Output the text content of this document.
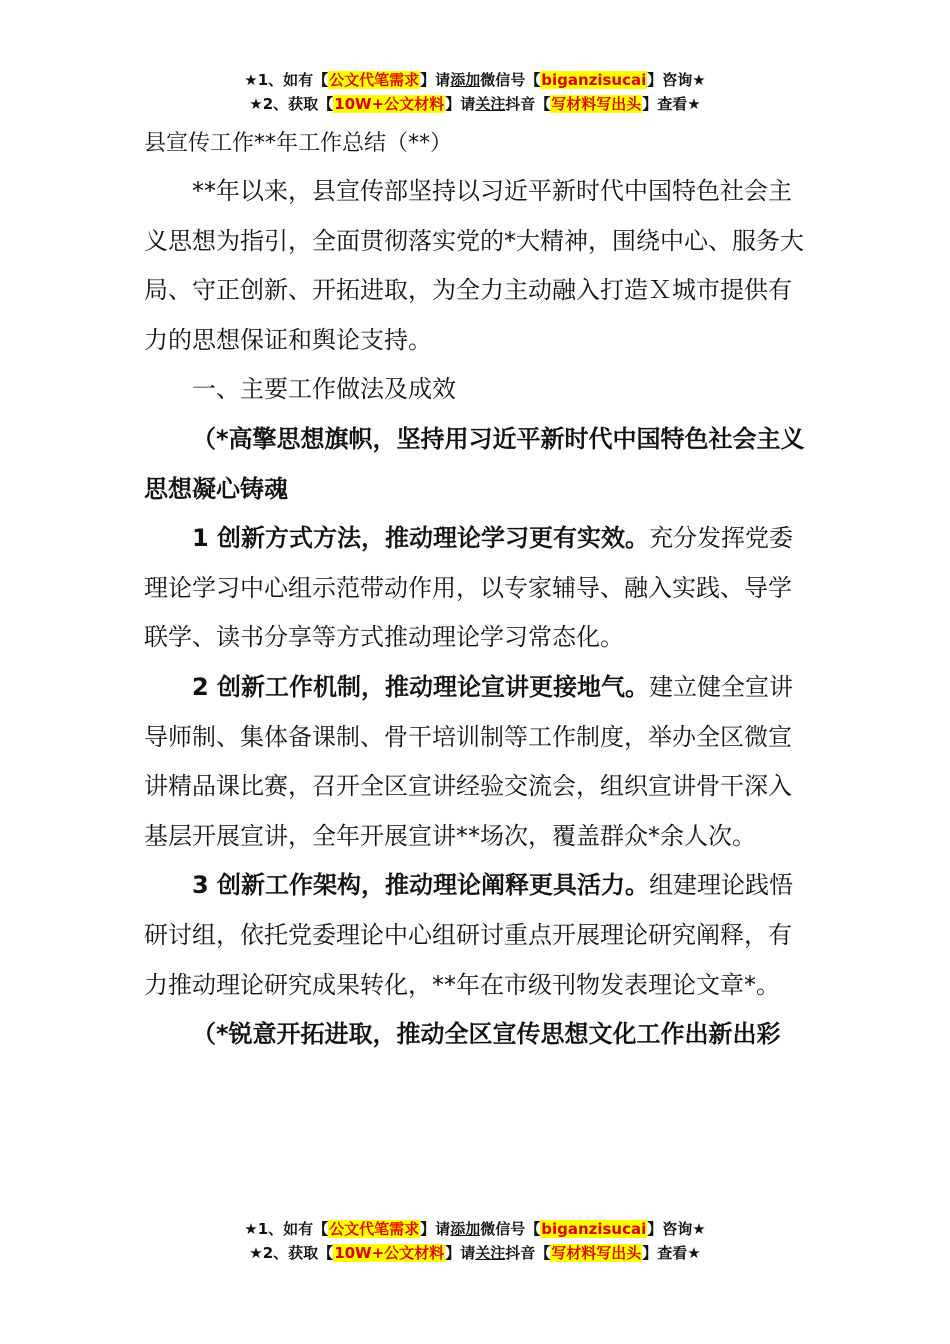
★1、如有【公文代笔需求】请添加微信号【biganzisucai】咨询★
★2、获取【10W+公文材料】请关注抖音【写材料写出头】查看★

县宣传工作**年工作总结（**）

**年以来，县宣传部坚持以习近平新时代中国特色社会主义思想为指引，全面贯彻落实党的*大精神，围绕中心、服务大局、守正创新、开拓进取，为全力主动融入打造Ｘ城市提供有力的思想保证和舆论支持。

一、主要工作做法及成效

（*高擎思想旗帜，坚持用习近平新时代中国特色社会主义思想凝心铸魂

1 创新方式方法，推动理论学习更有实效。充分发挥党委理论学习中心组示范带动作用，以专家辅导、融入实践、导学联学、读书分享等方式推动理论学习常态化。

2 创新工作机制，推动理论宣讲更接地气。建立健全宣讲导师制、集体备课制、骨干培训制等工作制度，举办全区微宣讲精品课比赛，召开全区宣讲经验交流会，组织宣讲骨干深入基层开展宣讲，全年开展宣讲**场次，覆盖群众*余人次。

3 创新工作架构，推动理论阐释更具活力。组建理论践悟研讨组，依托党委理论中心组研讨重点开展理论研究阐释，有力推动理论研究成果转化，**年在市级刊物发表理论文章*。

（*锐意开拓进取，推动全区宣传思想文化工作出新出彩

★1、如有【公文代笔需求】请添加微信号【biganzisucai】咨询★
★2、获取【10W+公文材料】请关注抖音【写材料写出头】查看★
